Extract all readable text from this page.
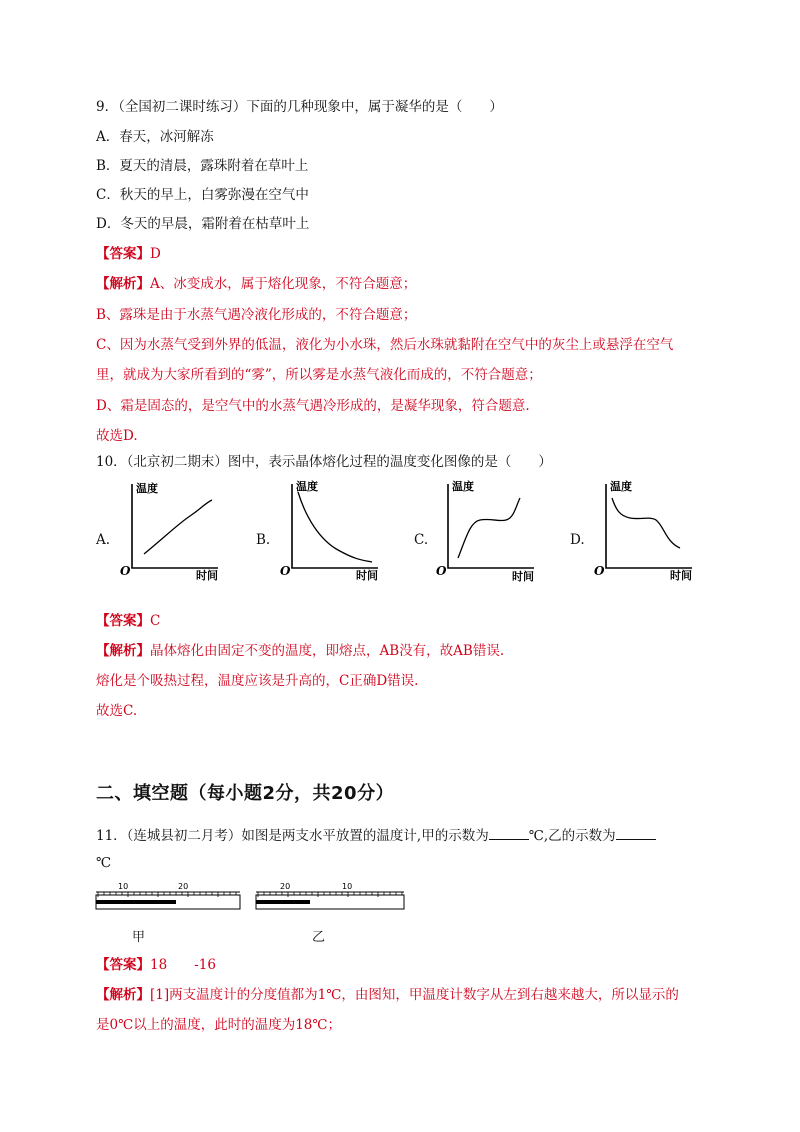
9．（全国初二课时练习）下面的几种现象中，属于凝华的是（　　）
A．春天，冰河解冻
B．夏天的清晨，露珠附着在草叶上
C．秋天的早上，白雾弥漫在空气中
D．冬天的早晨，霜附着在枯草叶上
【答案】D
【解析】A、冰变成水，属于熔化现象，不符合题意；
B、露珠是由于水蒸气遇冷液化形成的，不符合题意；
C、因为水蒸气受到外界的低温，液化为小水珠，然后水珠就黏附在空气中的灰尘上或悬浮在空气
里，就成为大家所看到的“雾”，所以雾是水蒸气液化而成的，不符合题意；
D、霜是固态的，是空气中的水蒸气遇冷形成的，是凝华现象，符合题意.
故选D.
10．（北京初二期末）图中，表示晶体熔化过程的温度变化图像的是（　　）
A.
温度
时间
O
B.
温度
时间
O
C.
温度
时间
O
D.
温度
时间
O
【答案】C
【解析】晶体熔化由固定不变的温度，即熔点，AB没有，故AB错误.
熔化是个吸热过程，温度应该是升高的，C正确D错误.
故选C.
二、填空题（每小题2分，共20分）
11．（连城县初二月考）如图是两支水平放置的温度计,甲的示数为	℃,乙的示数为
℃
10	20
甲
20	10
乙
【答案】18　　-16
【解析】[1]两支温度计的分度值都为1℃，由图知，甲温度计数字从左到右越来越大，所以显示的
是0℃以上的温度，此时的温度为18℃；
